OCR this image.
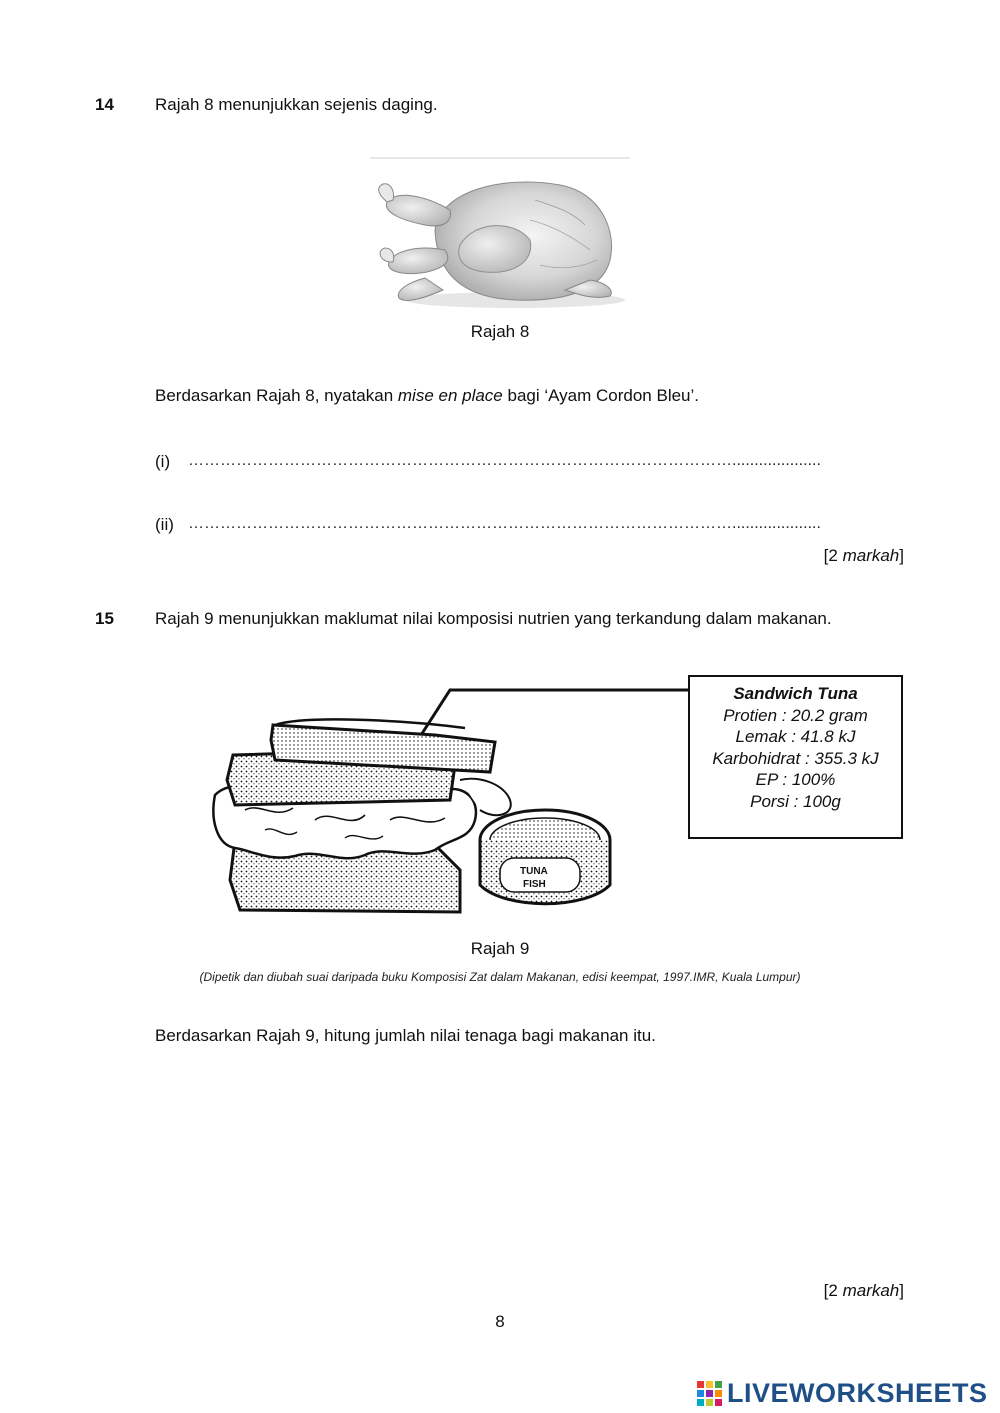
14 Rajah 8 menunjukkan sejenis daging.
Rajah 8
Berdasarkan Rajah 8, nyatakan mise en place bagi ‘Ayam Cordon Bleu’.
(i) …………………………………………………………………………………………....................
(ii) …………………………………………………………………………………………....................
[2 markah]
15 Rajah 9 menunjukkan maklumat nilai komposisi nutrien yang terkandung dalam makanan.
TUNA
FISH
Sandwich Tuna
Protien : 20.2 gram
Lemak : 41.8 kJ
Karbohidrat : 355.3 kJ
EP : 100%
Porsi : 100g
Rajah 9
(Dipetik dan diubah suai daripada buku Komposisi Zat dalam Makanan, edisi keempat, 1997.IMR, Kuala Lumpur)
Berdasarkan Rajah 9, hitung jumlah nilai tenaga bagi makanan itu.
[2 markah]
8
LIVEWORKSHEETS
